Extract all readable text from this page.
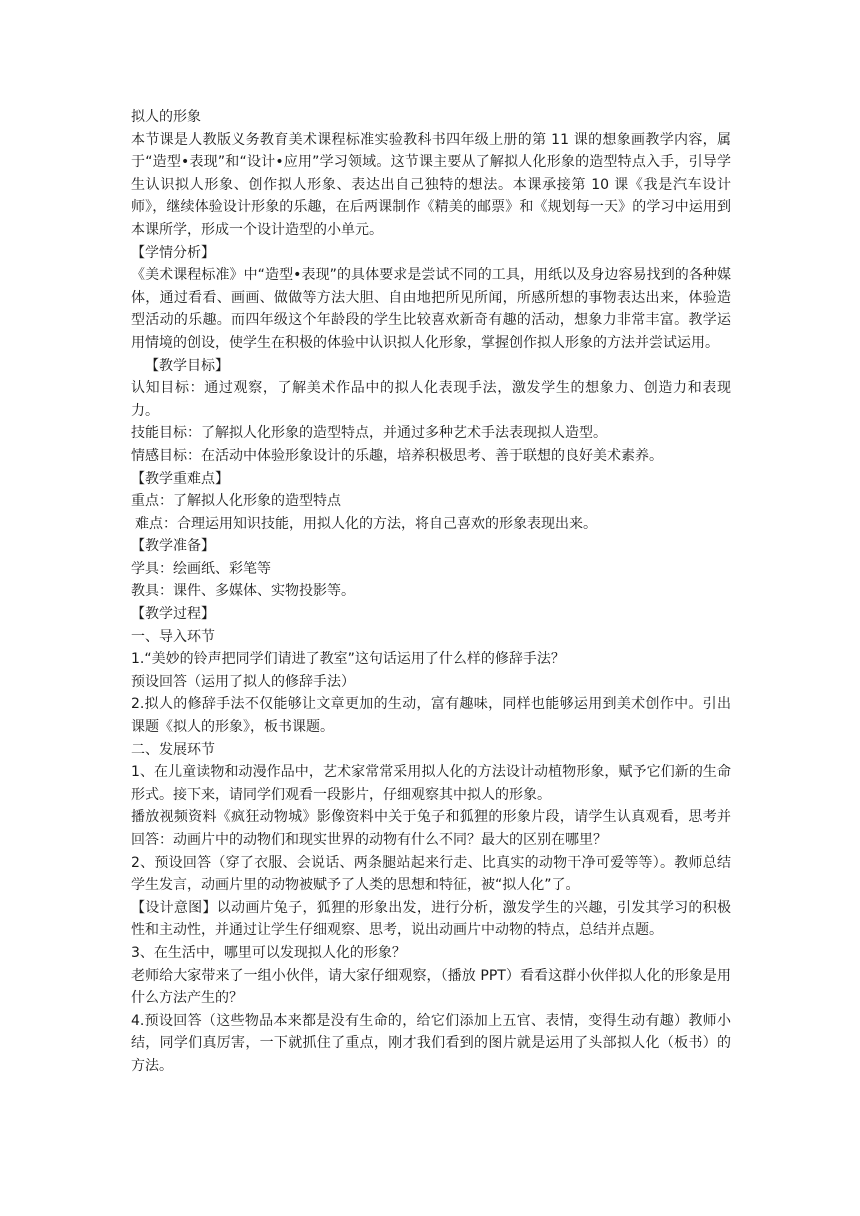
拟人的形象

本节课是人教版义务教育美术课程标准实验教科书四年级上册的第 11 课的想象画教学内容，属于“造型•表现”和“设计•应用”学习领域。这节课主要从了解拟人化形象的造型特点入手，引导学生认识拟人形象、创作拟人形象、表达出自己独特的想法。本课承接第 10 课《我是汽车设计师》，继续体验设计形象的乐趣，在后两课制作《精美的邮票》和《规划每一天》的学习中运用到本课所学，形成一个设计造型的小单元。

【学情分析】

《美术课程标准》中“造型•表现”的具体要求是尝试不同的工具，用纸以及身边容易找到的各种媒体，通过看看、画画、做做等方法大胆、自由地把所见所闻，所感所想的事物表达出来，体验造型活动的乐趣。而四年级这个年龄段的学生比较喜欢新奇有趣的活动，想象力非常丰富。教学运用情境的创设，使学生在积极的体验中认识拟人化形象，掌握创作拟人形象的方法并尝试运用。

【教学目标】

认知目标：通过观察，了解美术作品中的拟人化表现手法，激发学生的想象力、创造力和表现力。

技能目标：了解拟人化形象的造型特点，并通过多种艺术手法表现拟人造型。

情感目标：在活动中体验形象设计的乐趣，培养积极思考、善于联想的良好美术素养。

【教学重难点】

重点：了解拟人化形象的造型特点

难点：合理运用知识技能，用拟人化的方法，将自己喜欢的形象表现出来。

【教学准备】

学具：绘画纸、彩笔等

教具：课件、多媒体、实物投影等。

【教学过程】

一、导入环节

1.“美妙的铃声把同学们请进了教室”这句话运用了什么样的修辞手法？

预设回答（运用了拟人的修辞手法）

2.拟人的修辞手法不仅能够让文章更加的生动，富有趣味，同样也能够运用到美术创作中。引出课题《拟人的形象》，板书课题。

二、发展环节

1、在儿童读物和动漫作品中，艺术家常常采用拟人化的方法设计动植物形象，赋予它们新的生命形式。接下来，请同学们观看一段影片，仔细观察其中拟人的形象。

播放视频资料《疯狂动物城》影像资料中关于兔子和狐狸的形象片段，请学生认真观看，思考并回答：动画片中的动物们和现实世界的动物有什么不同？最大的区别在哪里？

2、预设回答（穿了衣服、会说话、两条腿站起来行走、比真实的动物干净可爱等等）。教师总结学生发言，动画片里的动物被赋予了人类的思想和特征，被“拟人化”了。

【设计意图】以动画片兔子，狐狸的形象出发，进行分析，激发学生的兴趣，引发其学习的积极性和主动性，并通过让学生仔细观察、思考，说出动画片中动物的特点，总结并点题。

3、在生活中，哪里可以发现拟人化的形象？

老师给大家带来了一组小伙伴，请大家仔细观察，（播放 PPT）看看这群小伙伴拟人化的形象是用什么方法产生的？

4.预设回答（这些物品本来都是没有生命的，给它们添加上五官、表情，变得生动有趣）教师小结，同学们真厉害，一下就抓住了重点，刚才我们看到的图片就是运用了头部拟人化（板书）的方法。
